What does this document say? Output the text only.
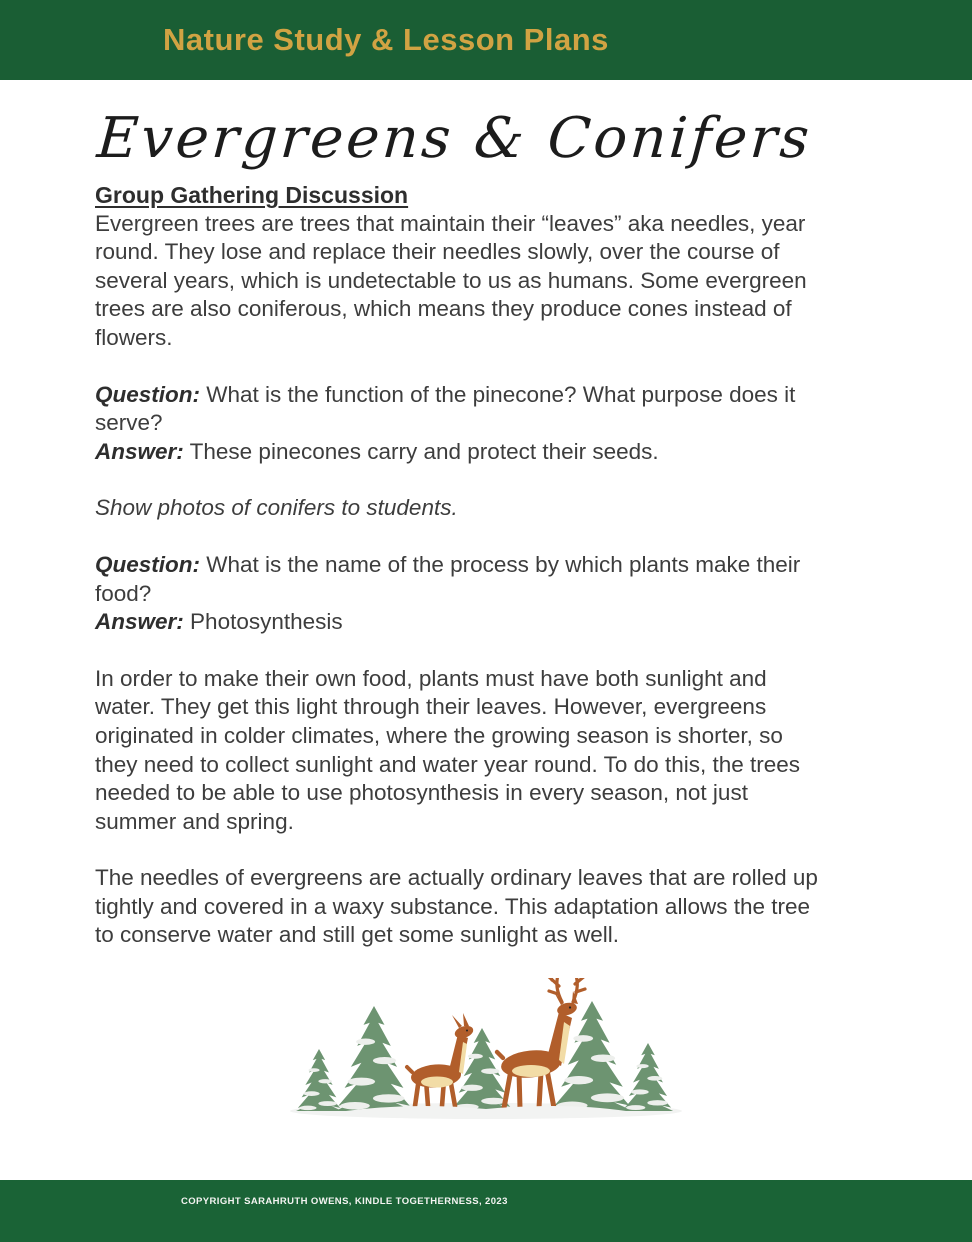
Nature Study & Lesson Plans
Evergreens & Conifers

Group Gathering Discussion

Evergreen trees are trees that maintain their “leaves” aka needles, year round. They lose and replace their needles slowly, over the course of several years, which is undetectable to us as humans. Some evergreen trees are also coniferous, which means they produce cones instead of flowers.

Question: What is the function of the pinecone? What purpose does it serve?

Answer: These pinecones carry and protect their seeds.

Show photos of conifers to students.

Question: What is the name of the process by which plants make their food?

Answer: Photosynthesis

In order to make their own food, plants must have both sunlight and water. They get this light through their leaves. However, evergreens originated in colder climates, where the growing season is shorter, so they need to collect sunlight and water year round. To do this, the trees needed to be able to use photosynthesis in every season, not just summer and spring.

The needles of evergreens are actually ordinary leaves that are rolled up tightly and covered in a waxy substance. This adaptation allows the tree to conserve water and still get some sunlight as well.

COPYRIGHT SARAHRUTH OWENS, KINDLE TOGETHERNESS, 2023
